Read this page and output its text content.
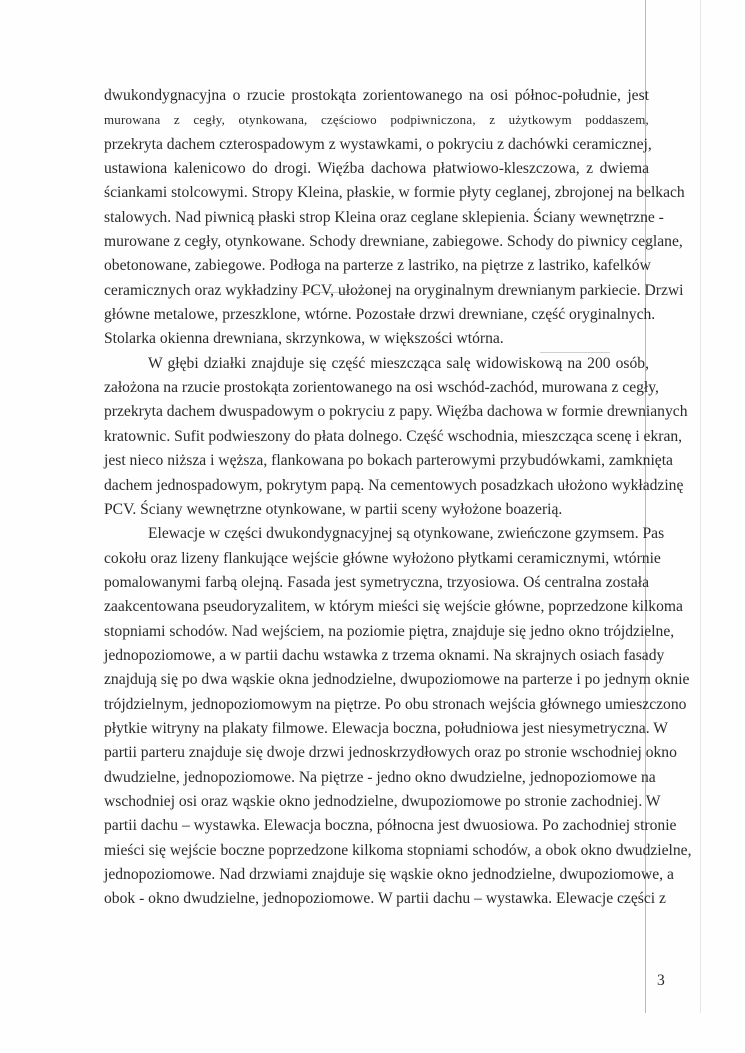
dwukondygnacyjna o rzucie prostokąta zorientowanego na osi północ-południe, jest
murowana z cegły, otynkowana, częściowo podpiwniczona, z użytkowym poddaszem,
przekryta dachem czterospadowym z wystawkami, o pokryciu z dachówki ceramicznej,
ustawiona kalenicowo do drogi. Więźba dachowa płatwiowo-kleszczowa, z dwiema
ściankami stolcowymi. Stropy Kleina, płaskie, w formie płyty ceglanej, zbrojonej na belkach
stalowych. Nad piwnicą płaski strop Kleina oraz ceglane sklepienia. Ściany wewnętrzne -
murowane z cegły, otynkowane. Schody drewniane, zabiegowe. Schody do piwnicy ceglane,
obetonowane, zabiegowe. Podłoga na parterze z lastriko, na piętrze z lastriko, kafelków
ceramicznych oraz wykładziny PCV, ułożonej na oryginalnym drewnianym parkiecie. Drzwi
główne metalowe, przeszklone, wtórne. Pozostałe drzwi drewniane, część oryginalnych.
Stolarka okienna drewniana, skrzynkowa, w większości wtórna.
W głębi działki znajduje się część mieszcząca salę widowiskową na 200 osób,
założona na rzucie prostokąta zorientowanego na osi wschód-zachód, murowana z cegły,
przekryta dachem dwuspadowym o pokryciu z papy. Więźba dachowa w formie drewnianych
kratownic. Sufit podwieszony do płata dolnego. Część wschodnia, mieszcząca scenę i ekran,
jest nieco niższa i węższa, flankowana po bokach parterowymi przybudówkami, zamknięta
dachem jednospadowym, pokrytym papą. Na cementowych posadzkach ułożono wykładzinę
PCV. Ściany wewnętrzne otynkowane, w partii sceny wyłożone boazerią.
Elewacje w części dwukondygnacyjnej są otynkowane, zwieńczone gzymsem. Pas
cokołu oraz lizeny flankujące wejście główne wyłożono płytkami ceramicznymi, wtórnie
pomalowanymi farbą olejną. Fasada jest symetryczna, trzyosiowa. Oś centralna została
zaakcentowana pseudoryzalitem, w którym mieści się wejście główne, poprzedzone kilkoma
stopniami schodów. Nad wejściem, na poziomie piętra, znajduje się jedno okno trójdzielne,
jednopoziomowe, a w partii dachu wstawka z trzema oknami. Na skrajnych osiach fasady
znajdują się po dwa wąskie okna jednodzielne, dwupoziomowe na parterze i po jednym oknie
trójdzielnym, jednopoziomowym na piętrze. Po obu stronach wejścia głównego umieszczono
płytkie witryny na plakaty filmowe. Elewacja boczna, południowa jest niesymetryczna. W
partii parteru znajduje się dwoje drzwi jednoskrzydłowych oraz po stronie wschodniej okno
dwudzielne, jednopoziomowe. Na piętrze - jedno okno dwudzielne, jednopoziomowe na
wschodniej osi oraz wąskie okno jednodzielne, dwupoziomowe po stronie zachodniej. W
partii dachu – wystawka. Elewacja boczna, północna jest dwuosiowa. Po zachodniej stronie
mieści się wejście boczne poprzedzone kilkoma stopniami schodów, a obok okno dwudzielne,
jednopoziomowe. Nad drzwiami znajduje się wąskie okno jednodzielne, dwupoziomowe, a
obok - okno dwudzielne, jednopoziomowe. W partii dachu – wystawka. Elewacje części z
3
